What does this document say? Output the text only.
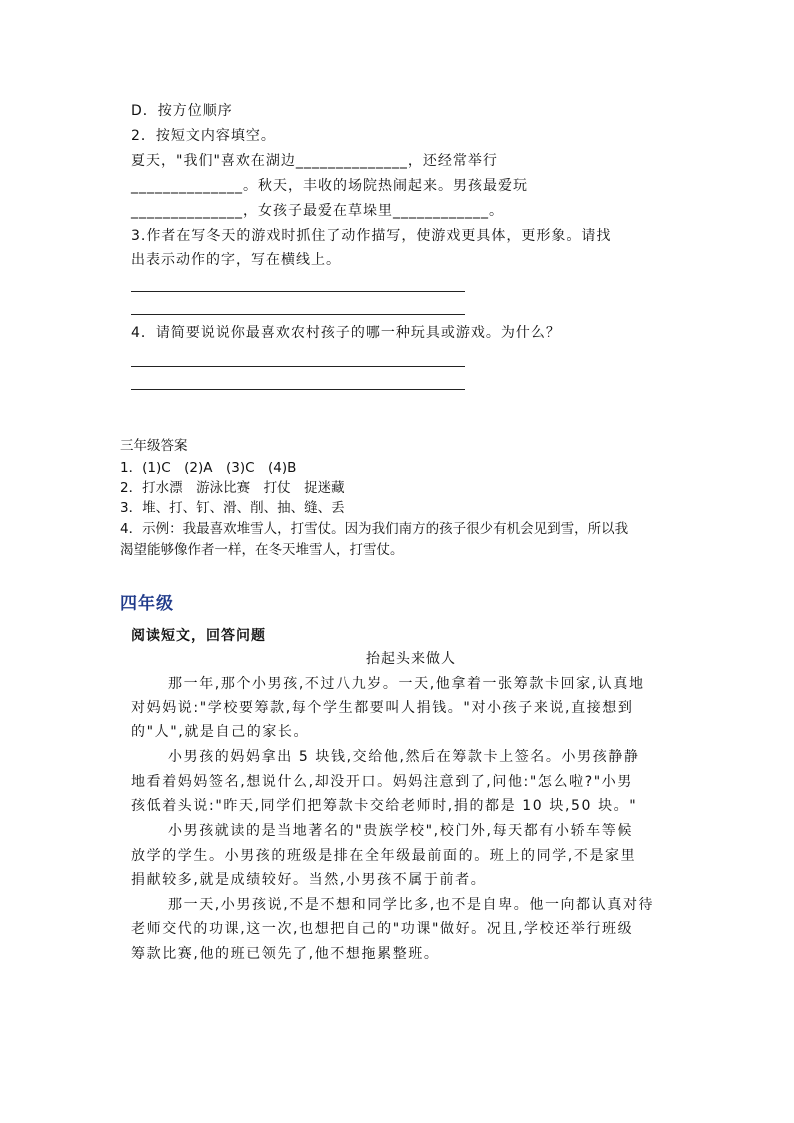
D．按方位顺序
2．按短文内容填空。
夏天，"我们"喜欢在湖边______________，还经常举行
______________。秋天，丰收的场院热闹起来。男孩最爱玩
______________，女孩子最爱在草垛里____________。
3.作者在写冬天的游戏时抓住了动作描写，使游戏更具体，更形象。请找
出表示动作的字，写在横线上。
4．请简要说说你最喜欢农村孩子的哪一种玩具或游戏。为什么？
三年级答案
1．(1)C　(2)A　(3)C　(4)B
2．打水漂　游泳比赛　打仗　捉迷藏
3．堆、打、钉、滑、削、抽、缝、丢
4．示例：我最喜欢堆雪人，打雪仗。因为我们南方的孩子很少有机会见到雪，所以我
渴望能够像作者一样，在冬天堆雪人，打雪仗。
四年级
阅读短文，回答问题
抬起头来做人
那一年,那个小男孩,不过八九岁。一天,他拿着一张筹款卡回家,认真地
对妈妈说:"学校要筹款,每个学生都要叫人捐钱。"对小孩子来说,直接想到
的"人",就是自己的家长。
小男孩的妈妈拿出 5 块钱,交给他,然后在筹款卡上签名。小男孩静静
地看着妈妈签名,想说什么,却没开口。妈妈注意到了,问他:"怎么啦?"小男
孩低着头说:"昨天,同学们把筹款卡交给老师时,捐的都是 10 块,50 块。"
小男孩就读的是当地著名的"贵族学校",校门外,每天都有小轿车等候
放学的学生。小男孩的班级是排在全年级最前面的。班上的同学,不是家里
捐献较多,就是成绩较好。当然,小男孩不属于前者。
那一天,小男孩说,不是不想和同学比多,也不是自卑。他一向都认真对待
老师交代的功课,这一次,也想把自己的"功课"做好。况且,学校还举行班级
筹款比赛,他的班已领先了,他不想拖累整班。
